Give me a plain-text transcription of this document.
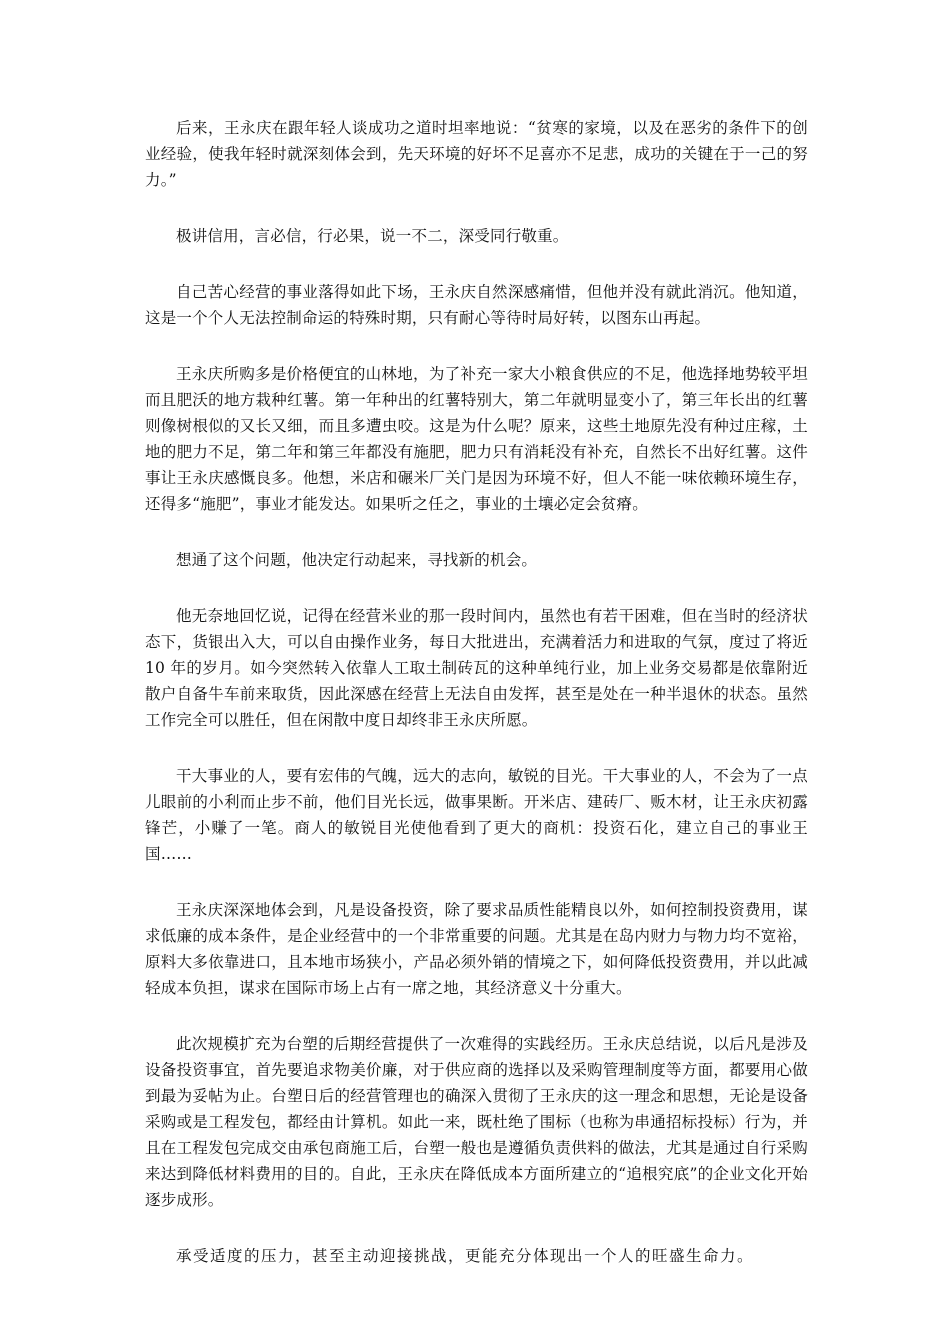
后来，王永庆在跟年轻人谈成功之道时坦率地说：“贫寒的家境，以及在恶劣的条件下的创业经验，使我年轻时就深刻体会到，先天环境的好坏不足喜亦不足悲，成功的关键在于一己的努力。”

极讲信用，言必信，行必果，说一不二，深受同行敬重。

自己苦心经营的事业落得如此下场，王永庆自然深感痛惜，但他并没有就此消沉。他知道，这是一个个人无法控制命运的特殊时期，只有耐心等待时局好转，以图东山再起。

王永庆所购多是价格便宜的山林地，为了补充一家大小粮食供应的不足，他选择地势较平坦而且肥沃的地方栽种红薯。第一年种出的红薯特别大，第二年就明显变小了，第三年长出的红薯则像树根似的又长又细，而且多遭虫咬。这是为什么呢？原来，这些土地原先没有种过庄稼，土地的肥力不足，第二年和第三年都没有施肥，肥力只有消耗没有补充，自然长不出好红薯。这件事让王永庆感慨良多。他想，米店和碾米厂关门是因为环境不好，但人不能一味依赖环境生存，还得多“施肥”，事业才能发达。如果听之任之，事业的土壤必定会贫瘠。

想通了这个问题，他决定行动起来，寻找新的机会。

他无奈地回忆说，记得在经营米业的那一段时间内，虽然也有若干困难，但在当时的经济状态下，货银出入大，可以自由操作业务，每日大批进出，充满着活力和进取的气氛，度过了将近 10 年的岁月。如今突然转入依靠人工取土制砖瓦的这种单纯行业，加上业务交易都是依靠附近散户自备牛车前来取货，因此深感在经营上无法自由发挥，甚至是处在一种半退休的状态。虽然工作完全可以胜任，但在闲散中度日却终非王永庆所愿。

干大事业的人，要有宏伟的气魄，远大的志向，敏锐的目光。干大事业的人，不会为了一点儿眼前的小利而止步不前，他们目光长远，做事果断。开米店、建砖厂、贩木材，让王永庆初露锋芒，小赚了一笔。商人的敏锐目光使他看到了更大的商机：投资石化，建立自己的事业王国……

王永庆深深地体会到，凡是设备投资，除了要求品质性能精良以外，如何控制投资费用，谋求低廉的成本条件，是企业经营中的一个非常重要的问题。尤其是在岛内财力与物力均不宽裕，原料大多依靠进口，且本地市场狭小，产品必须外销的情境之下，如何降低投资费用，并以此减轻成本负担，谋求在国际市场上占有一席之地，其经济意义十分重大。

此次规模扩充为台塑的后期经营提供了一次难得的实践经历。王永庆总结说，以后凡是涉及设备投资事宜，首先要追求物美价廉，对于供应商的选择以及采购管理制度等方面，都要用心做到最为妥帖为止。台塑日后的经营管理也的确深入贯彻了王永庆的这一理念和思想，无论是设备采购或是工程发包，都经由计算机。如此一来，既杜绝了围标（也称为串通招标投标）行为，并且在工程发包完成交由承包商施工后，台塑一般也是遵循负责供料的做法，尤其是通过自行采购来达到降低材料费用的目的。自此，王永庆在降低成本方面所建立的“追根究底”的企业文化开始逐步成形。

承受适度的压力，甚至主动迎接挑战，更能充分体现出一个人的旺盛生命力。
